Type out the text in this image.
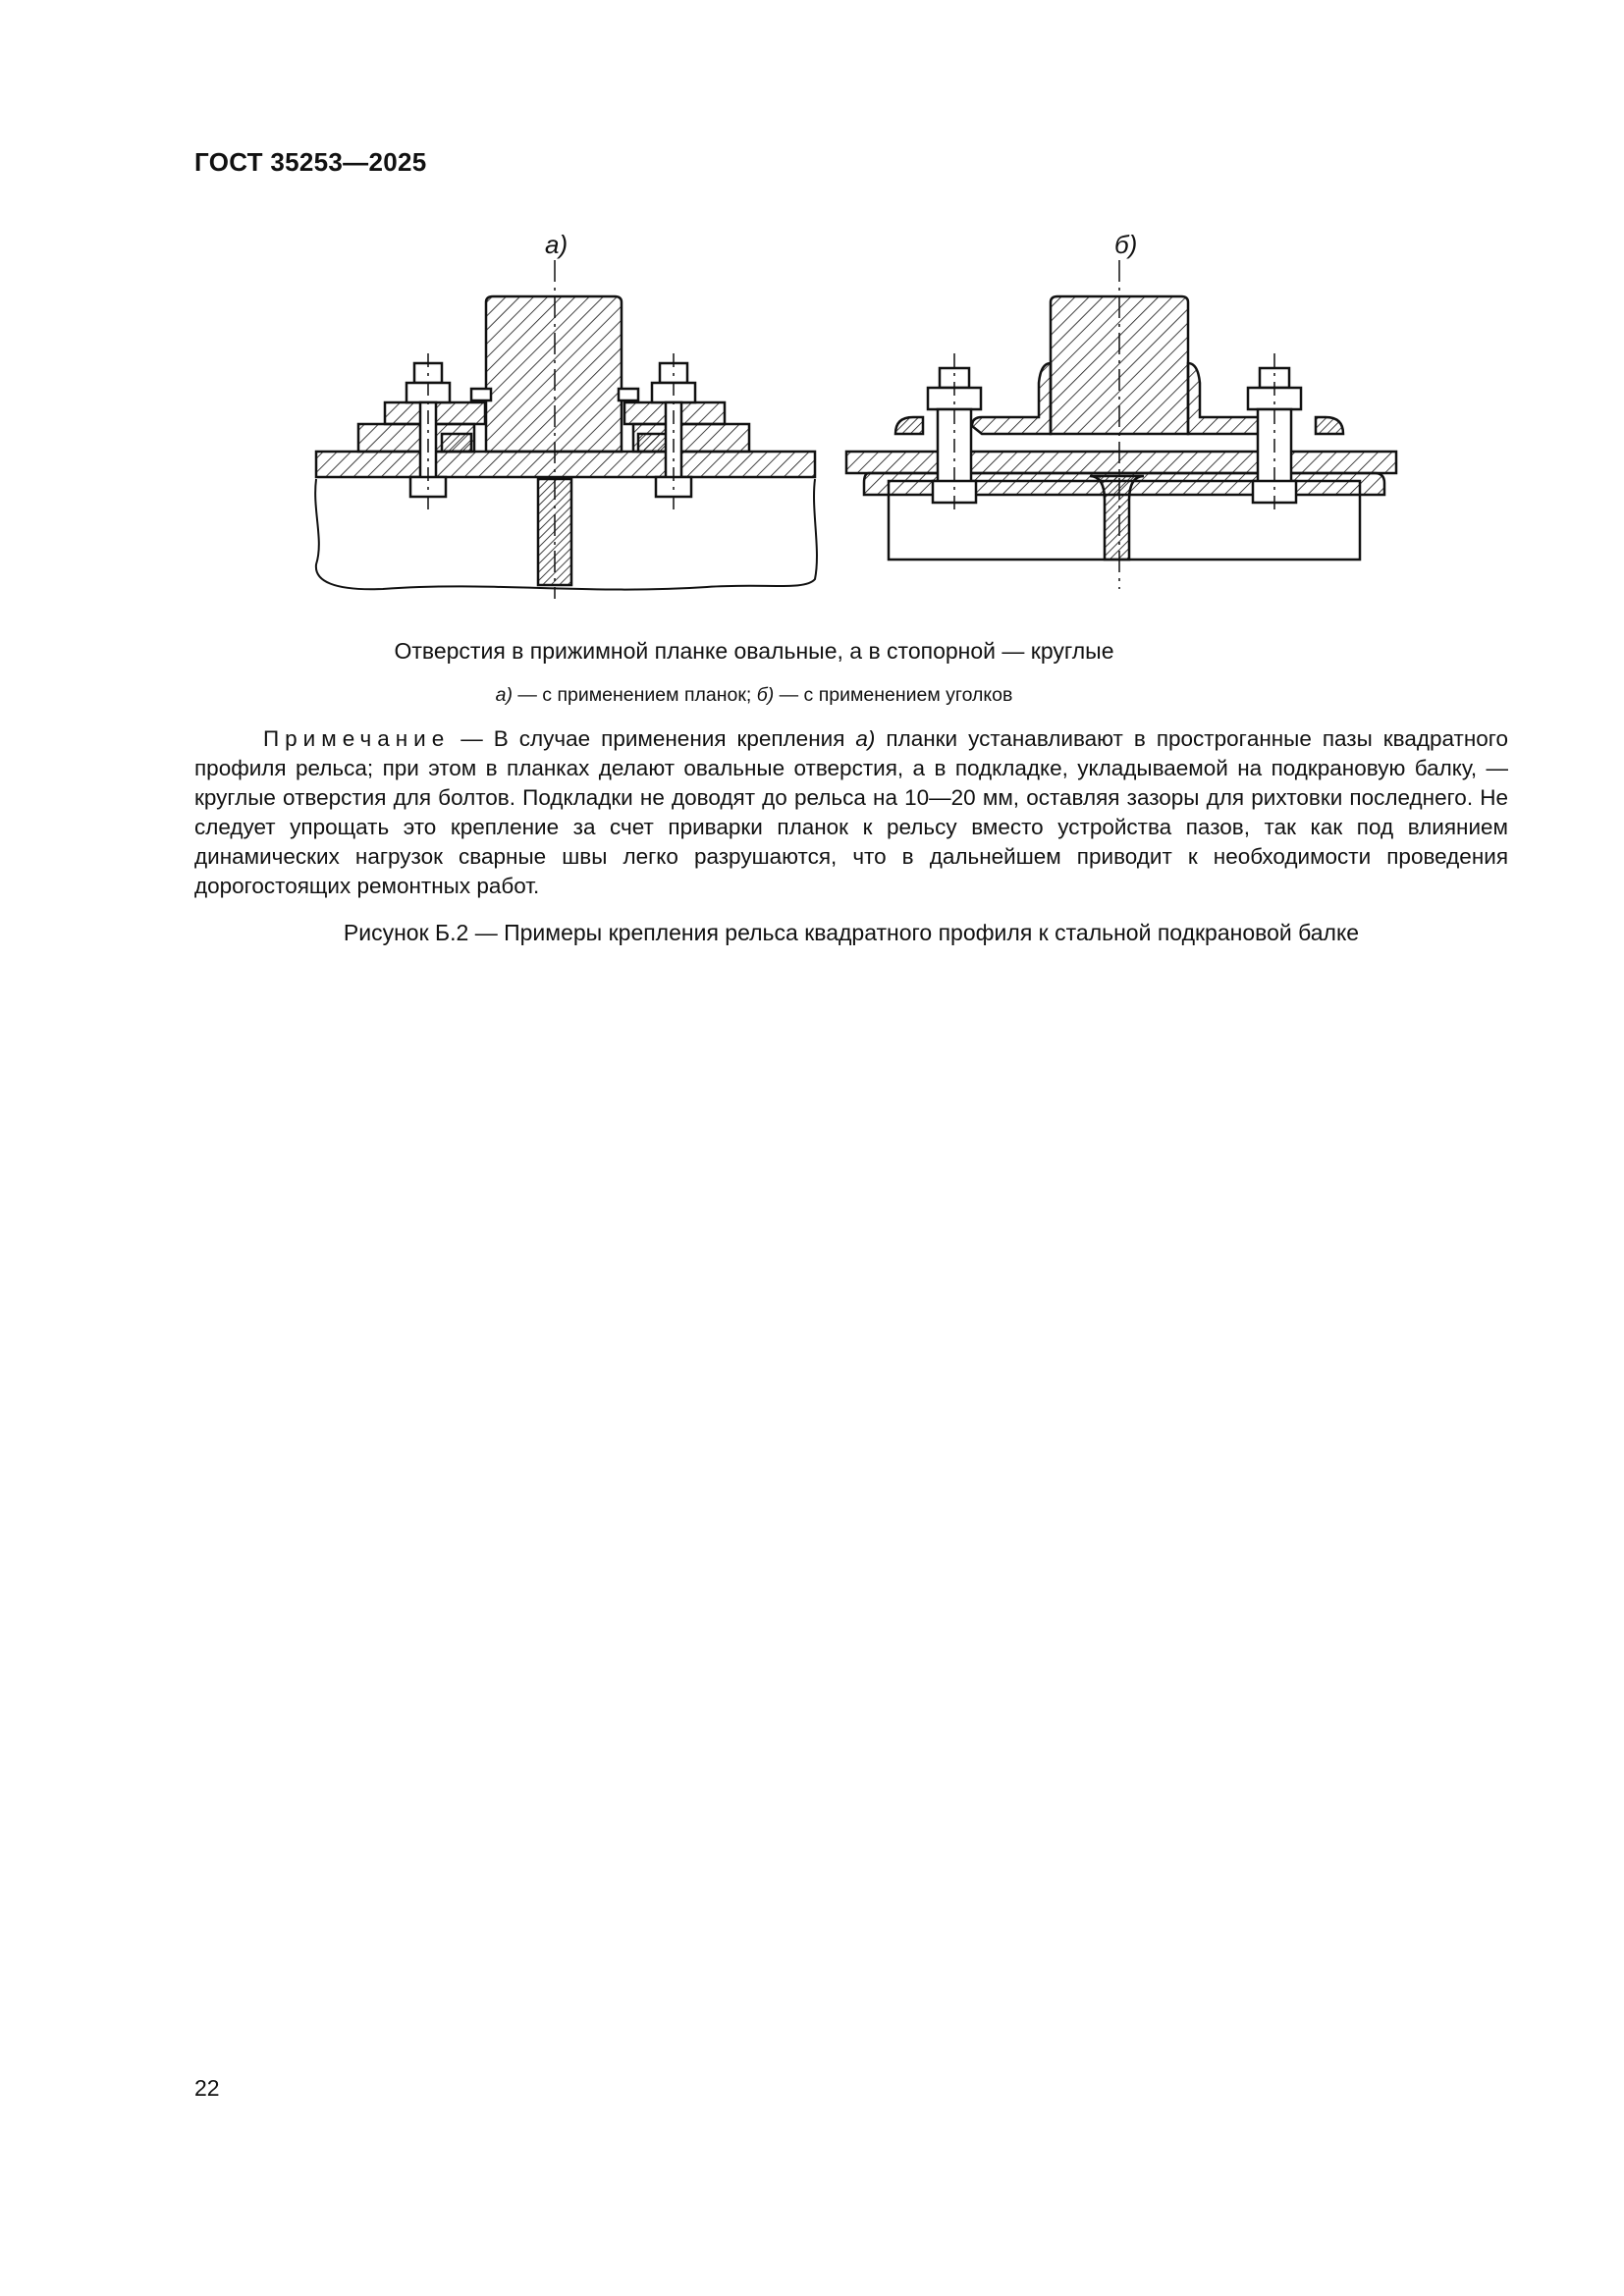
ГОСТ 35253—2025
а)	б)
Отверстия в прижимной планке овальные, а в стопорной — круглые
а) — с применением планок; б) — с применением уголков
Примечание — В случае применения крепления а) планки устанавливают в прострогaнные пазы квадратного профиля рельса; при этом в планках делают овальные отверстия, а в подкладке, укладываемой на подкрановую балку, — круглые отверстия для болтов. Подкладки не доводят до рельса на 10—20 мм, оставляя зазоры для рихтовки последнего. Не следует упрощать это крепление за счет приварки планок к рельсу вместо устройства пазов, так как под влиянием динамических нагрузок сварные швы легко разрушаются, что в дальнейшем приводит к необходимости проведения дорогостоящих ремонтных работ.
Рисунок Б.2 — Примеры крепления рельса квадратного профиля к стальной подкрановой балке
22
